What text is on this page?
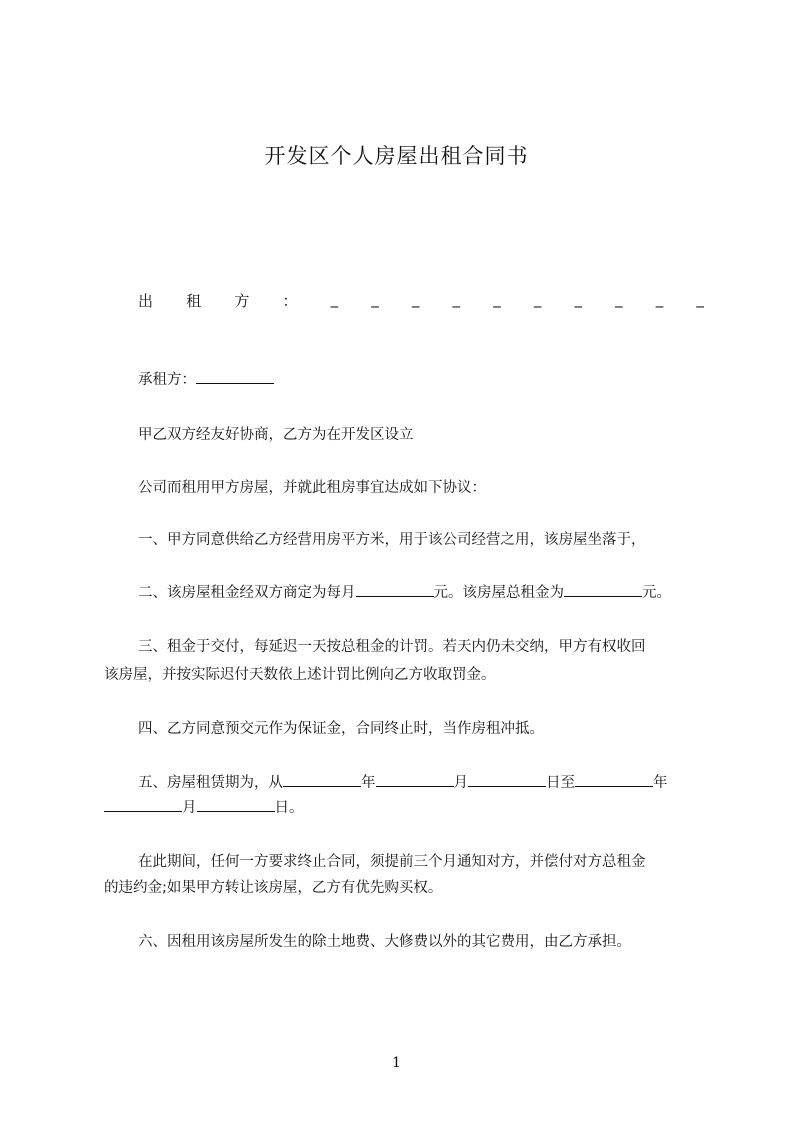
开发区个人房屋出租合同书
出 租 方 ： _ _ _ _ _ _ _ _ _ _
承租方：
甲乙双方经友好协商，乙方为在开发区设立
公司而租用甲方房屋，并就此租房事宜达成如下协议：
一、甲方同意供给乙方经营用房平方米，用于该公司经营之用，该房屋坐落于，
二、该房屋租金经双方商定为每月	元。该房屋总租金为	元。
三、租金于交付，每延迟一天按总租金的计罚。若天内仍未交纳，甲方有权收回
该房屋，并按实际迟付天数依上述计罚比例向乙方收取罚金。
四、乙方同意预交元作为保证金，合同终止时，当作房租冲抵。
五、房屋租赁期为，从	年	月	日至	年
月	日。
在此期间，任何一方要求终止合同，须提前三个月通知对方，并偿付对方总租金
的违约金;如果甲方转让该房屋，乙方有优先购买权。
六、因租用该房屋所发生的除土地费、大修费以外的其它费用，由乙方承担。
1
